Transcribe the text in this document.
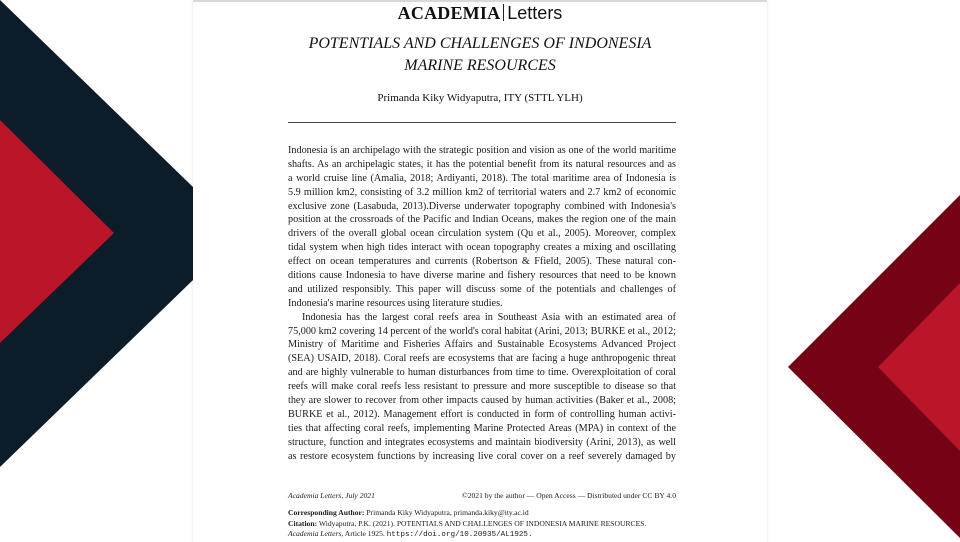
ACADEMIA Letters
POTENTIALS AND CHALLENGES OF INDONESIA
MARINE RESOURCES
Primanda Kiky Widyaputra, ITY (STTL YLH)
Indonesia is an archipelago with the strategic position and vision as one of the world maritime
shafts. As an archipelagic states, it has the potential benefit from its natural resources and as
a world cruise line (Amalia, 2018; Ardiyanti, 2018). The total maritime area of Indonesia is
5.9 million km2, consisting of 3.2 million km2 of territorial waters and 2.7 km2 of economic
exclusive zone (Lasabuda, 2013).Diverse underwater topography combined with Indonesia's
position at the crossroads of the Pacific and Indian Oceans, makes the region one of the main
drivers of the overall global ocean circulation system (Qu et al., 2005). Moreover, complex
tidal system when high tides interact with ocean topography creates a mixing and oscillating
effect on ocean temperatures and currents (Robertson & Ffield, 2005). These natural con-
ditions cause Indonesia to have diverse marine and fishery resources that need to be known
and utilized responsibly. This paper will discuss some of the potentials and challenges of
Indonesia's marine resources using literature studies.
Indonesia has the largest coral reefs area in Southeast Asia with an estimated area of
75,000 km2 covering 14 percent of the world's coral habitat (Arini, 2013; BURKE et al., 2012;
Ministry of Maritime and Fisheries Affairs and Sustainable Ecosystems Advanced Project
(SEA) USAID, 2018). Coral reefs are ecosystems that are facing a huge anthropogenic threat
and are highly vulnerable to human disturbances from time to time. Overexploitation of coral
reefs will make coral reefs less resistant to pressure and more susceptible to disease so that
they are slower to recover from other impacts caused by human activities (Baker et al., 2008;
BURKE et al., 2012). Management effort is conducted in form of controlling human activi-
ties that affecting coral reefs, implementing Marine Protected Areas (MPA) in context of the
structure, function and integrates ecosystems and maintain biodiversity (Arini, 2013), as well
as restore ecosystem functions by increasing live coral cover on a reef severely damaged by
Academia Letters, July 2021	©2021 by the author — Open Access — Distributed under CC BY 4.0
Corresponding Author: Primanda Kiky Widyaputra, primanda.kiky@ity.ac.id
Citation: Widyaputra, P.K. (2021). POTENTIALS AND CHALLENGES OF INDONESIA MARINE RESOURCES. Academia Letters, Article 1925. https://doi.org/10.20935/AL1925.
